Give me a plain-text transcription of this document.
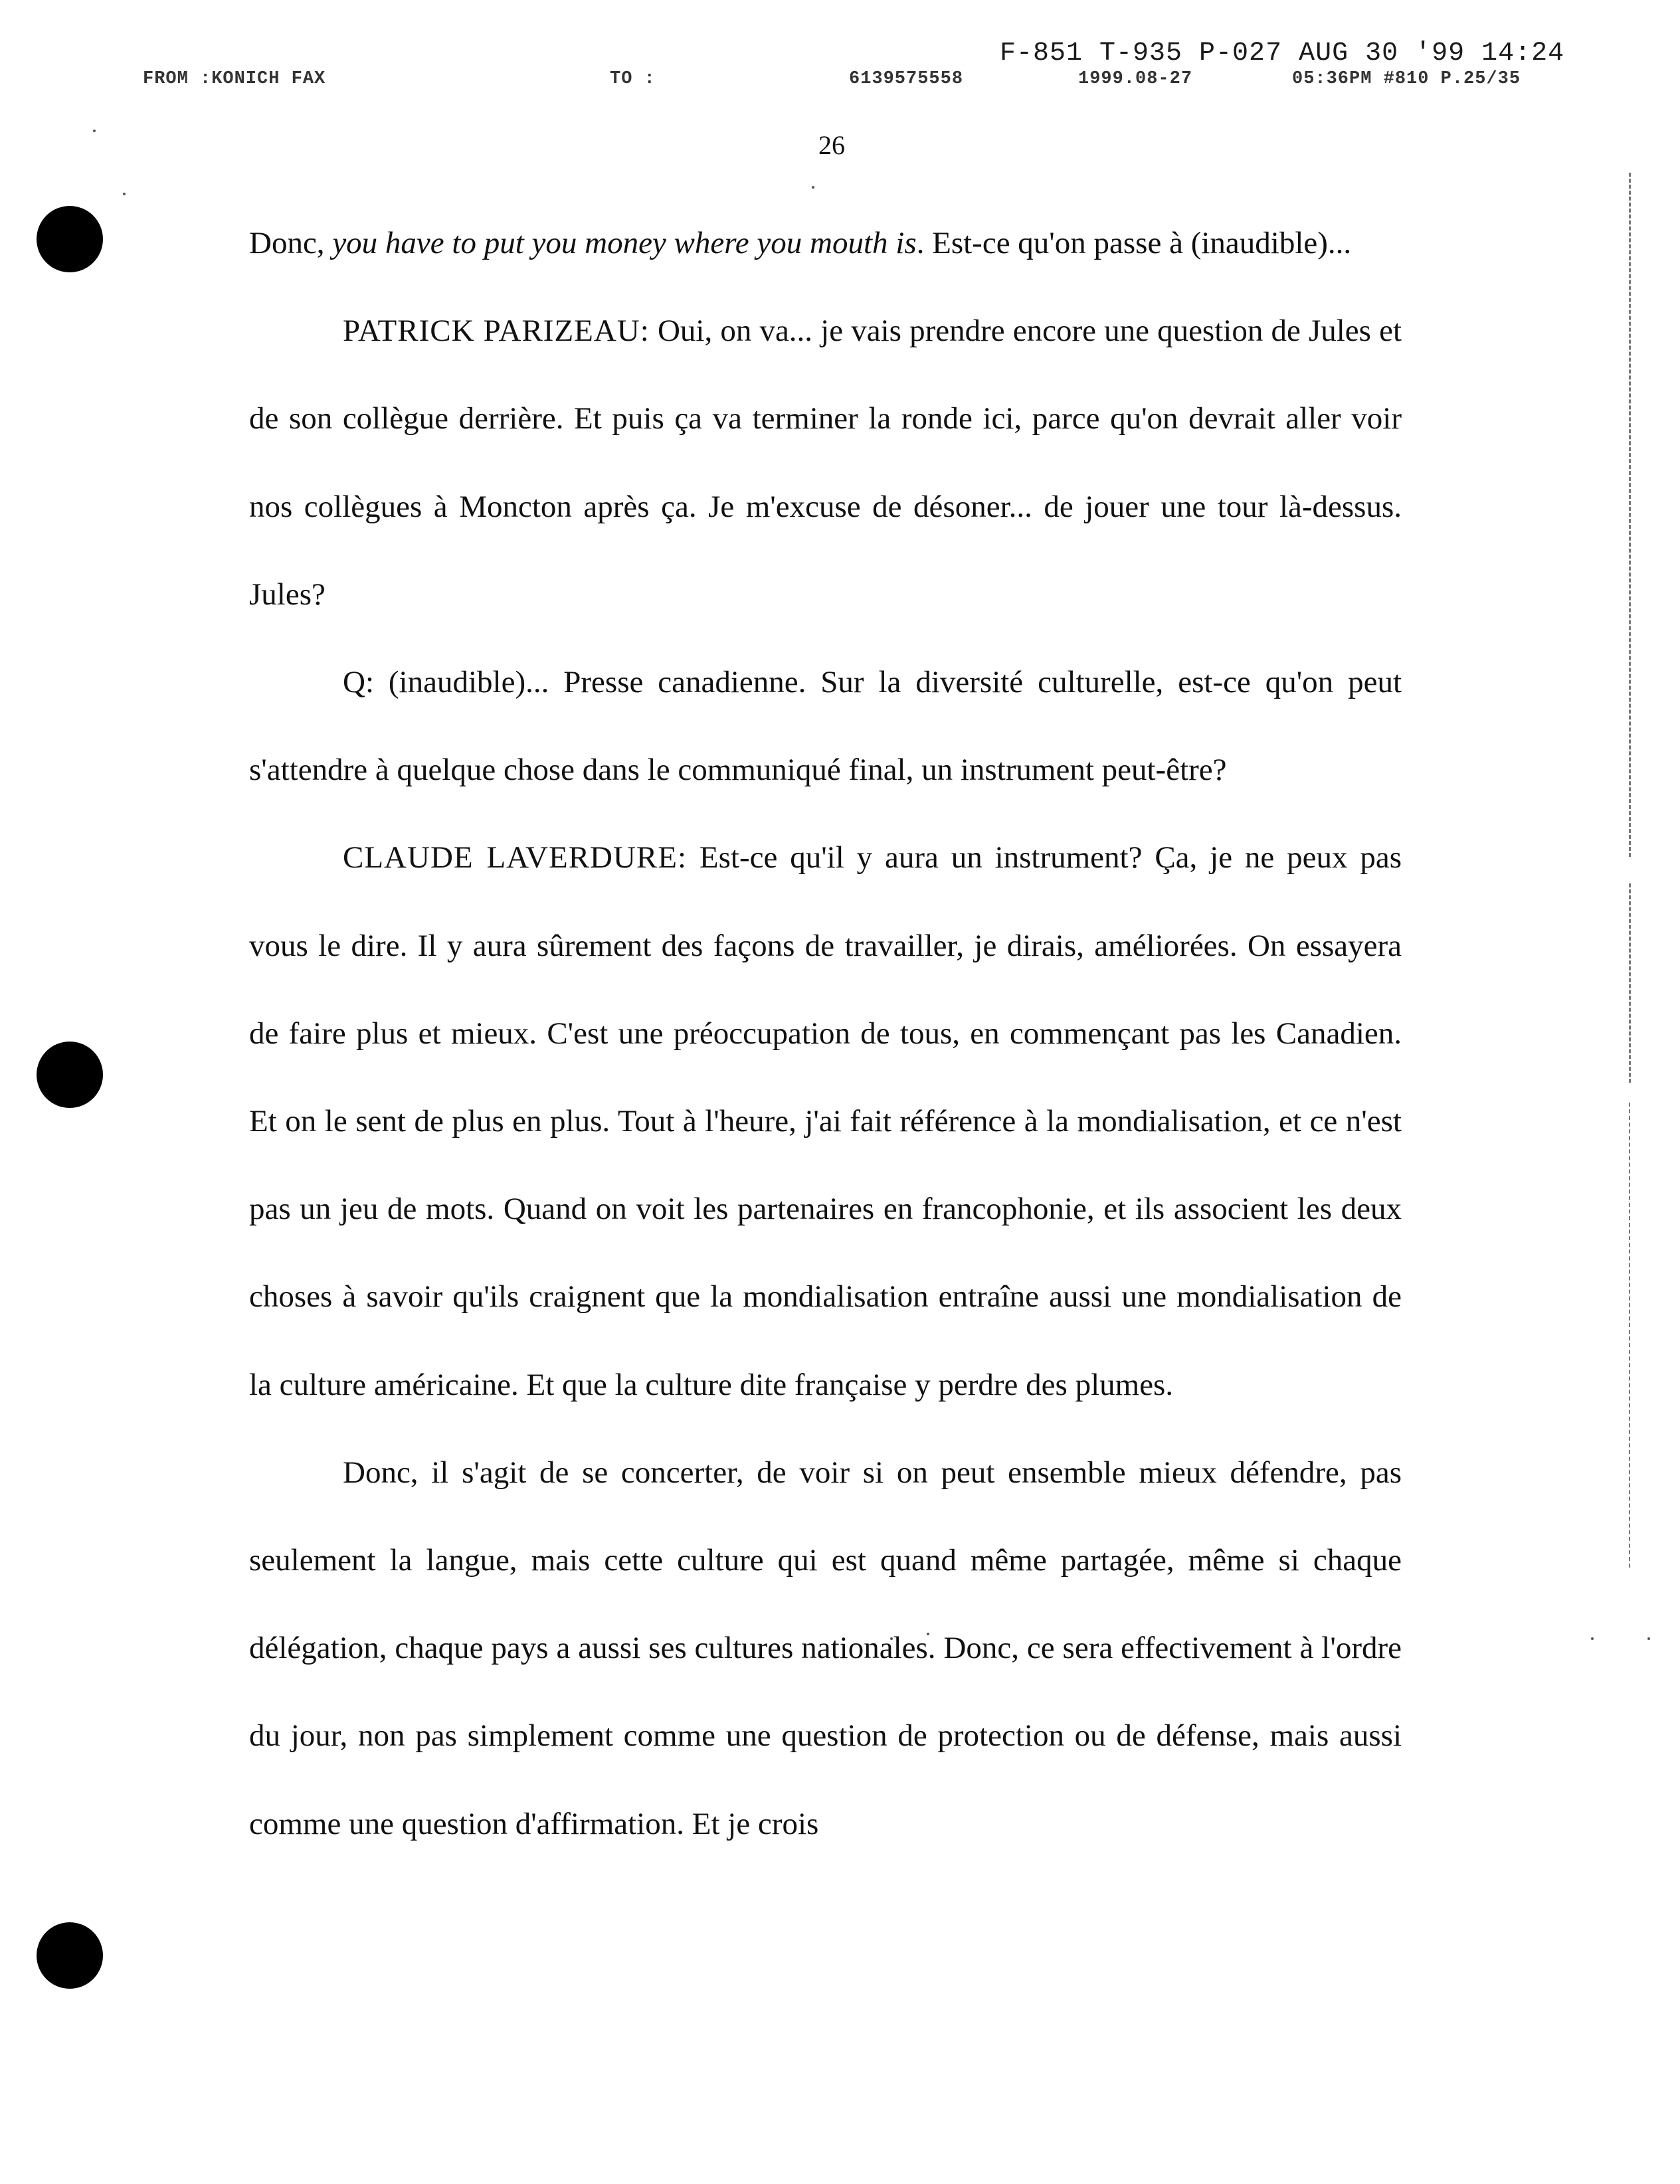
F-851 T-935 P-027 AUG 30 '99 14:24
FROM :KONICH FAX	TO :	6139575558	1999.08-27	05:36PM #810 P.25/35
26

Donc, you have to put you money where you mouth is. Est-ce qu'on passe à (inaudible)...

PATRICK PARIZEAU: Oui, on va... je vais prendre encore une question de Jules et de son collègue derrière. Et puis ça va terminer la ronde ici, parce qu'on devrait aller voir nos collègues à Moncton après ça. Je m'excuse de désoner... de jouer une tour là-dessus. Jules?

Q: (inaudible)... Presse canadienne. Sur la diversité culturelle, est-ce qu'on peut s'attendre à quelque chose dans le communiqué final, un instrument peut-être?

CLAUDE LAVERDURE: Est-ce qu'il y aura un instrument? Ça, je ne peux pas vous le dire. Il y aura sûrement des façons de travailler, je dirais, améliorées. On essayera de faire plus et mieux. C'est une préoccupation de tous, en commençant pas les Canadien. Et on le sent de plus en plus. Tout à l'heure, j'ai fait référence à la mondialisation, et ce n'est pas un jeu de mots. Quand on voit les partenaires en francophonie, et ils associent les deux choses à savoir qu'ils craignent que la mondialisation entraîne aussi une mondialisation de la culture américaine. Et que la culture dite française y perdre des plumes.

Donc, il s'agit de se concerter, de voir si on peut ensemble mieux défendre, pas seulement la langue, mais cette culture qui est quand même partagée, même si chaque délégation, chaque pays a aussi ses cultures nationales. Donc, ce sera effectivement à l'ordre du jour, non pas simplement comme une question de protection ou de défense, mais aussi comme une question d'affirmation. Et je crois
